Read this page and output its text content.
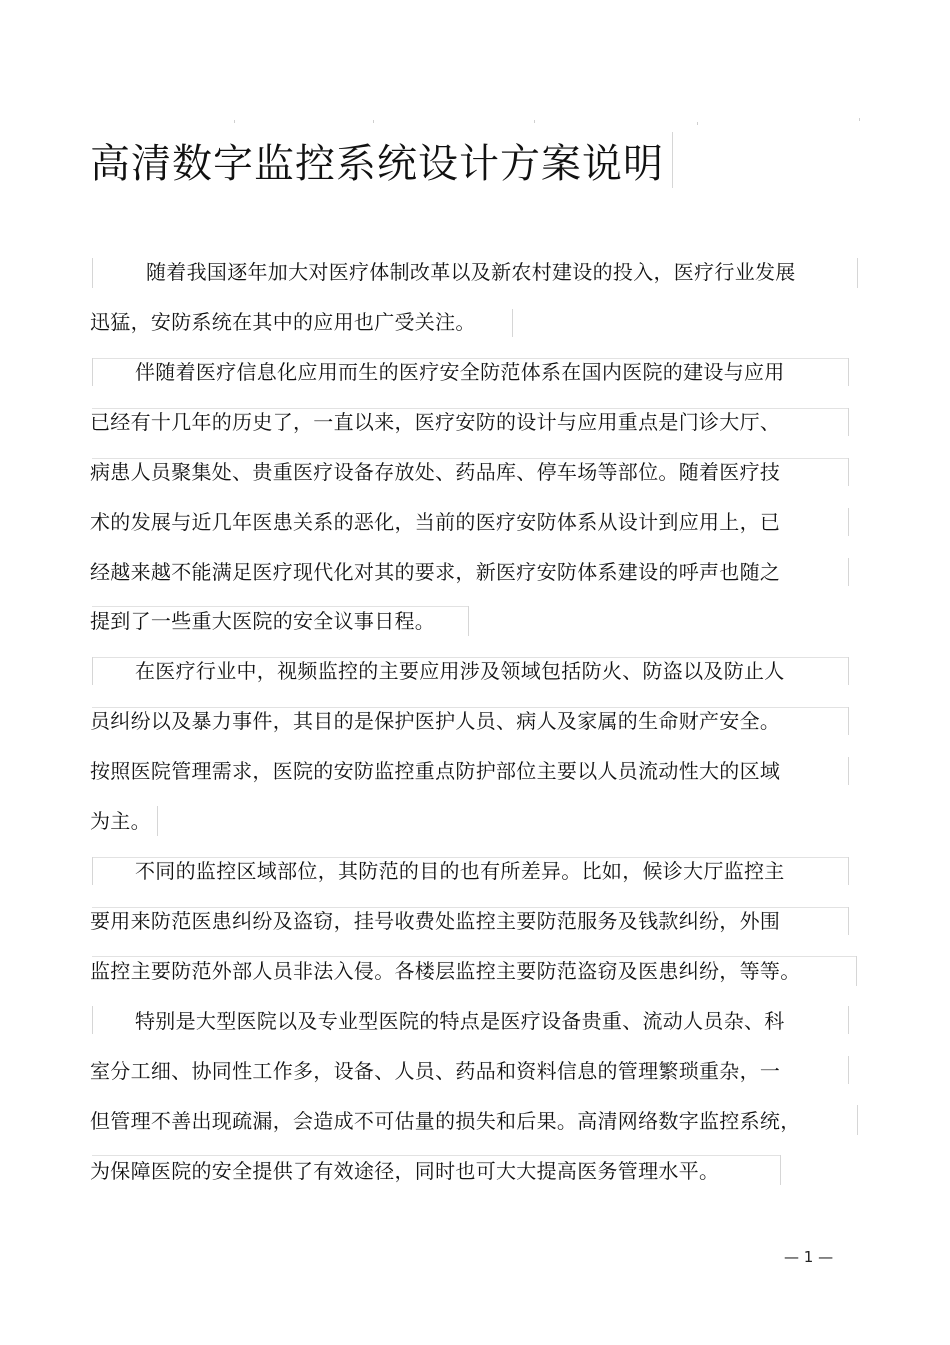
高清数字监控系统设计方案说明
随着我国逐年加大对医疗体制改革以及新农村建设的投入，医疗行业发展
迅猛，安防系统在其中的应用也广受关注。
伴随着医疗信息化应用而生的医疗安全防范体系在国内医院的建设与应用
已经有十几年的历史了，一直以来，医疗安防的设计与应用重点是门诊大厅、
病患人员聚集处、贵重医疗设备存放处、药品库、停车场等部位。随着医疗技
术的发展与近几年医患关系的恶化，当前的医疗安防体系从设计到应用上，已
经越来越不能满足医疗现代化对其的要求，新医疗安防体系建设的呼声也随之
提到了一些重大医院的安全议事日程。
在医疗行业中，视频监控的主要应用涉及领域包括防火、防盗以及防止人
员纠纷以及暴力事件，其目的是保护医护人员、病人及家属的生命财产安全。
按照医院管理需求，医院的安防监控重点防护部位主要以人员流动性大的区域
为主。
不同的监控区域部位，其防范的目的也有所差异。比如，候诊大厅监控主
要用来防范医患纠纷及盗窃，挂号收费处监控主要防范服务及钱款纠纷，外围
监控主要防范外部人员非法入侵。各楼层监控主要防范盗窃及医患纠纷，等等。
特别是大型医院以及专业型医院的特点是医疗设备贵重、流动人员杂、科
室分工细、协同性工作多，设备、人员、药品和资料信息的管理繁琐重杂，一
但管理不善出现疏漏，会造成不可估量的损失和后果。高清网络数字监控系统，
为保障医院的安全提供了有效途径，同时也可大大提高医务管理水平。
— 1 —
